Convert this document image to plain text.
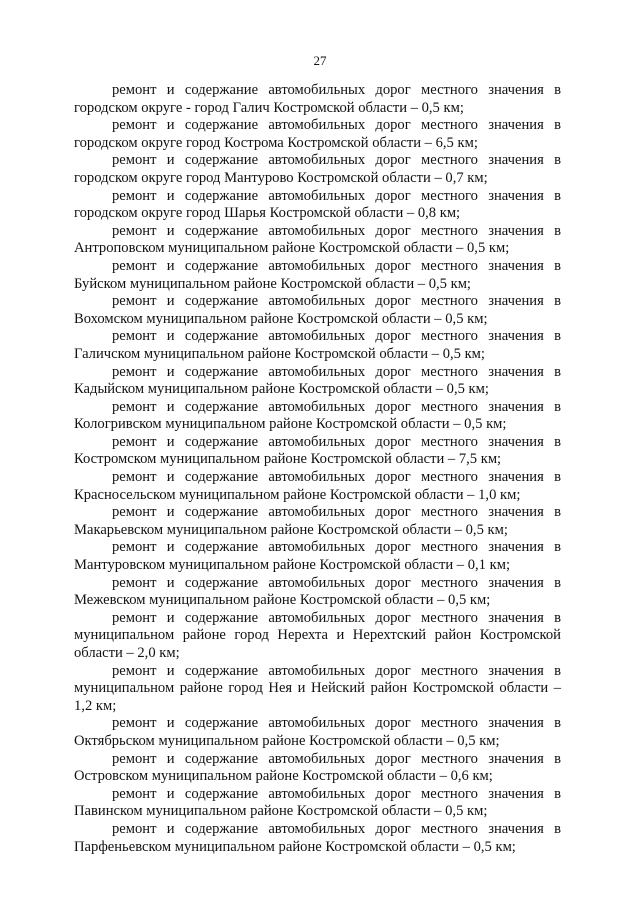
27

ремонт и содержание автомобильных дорог местного значения в городском округе - город Галич Костромской области – 0,5 км;

ремонт и содержание автомобильных дорог местного значения в городском округе город Кострома Костромской области – 6,5 км;

ремонт и содержание автомобильных дорог местного значения в городском округе город Мантурово Костромской области – 0,7 км;

ремонт и содержание автомобильных дорог местного значения в городском округе город Шарья Костромской области – 0,8 км;

ремонт и содержание автомобильных дорог местного значения в Антроповском муниципальном районе Костромской области – 0,5 км;

ремонт и содержание автомобильных дорог местного значения в Буйском муниципальном районе Костромской области – 0,5 км;

ремонт и содержание автомобильных дорог местного значения в Вохомском муниципальном районе Костромской области – 0,5 км;

ремонт и содержание автомобильных дорог местного значения в Галичском муниципальном районе Костромской области – 0,5 км;

ремонт и содержание автомобильных дорог местного значения в Кадыйском муниципальном районе Костромской области – 0,5 км;

ремонт и содержание автомобильных дорог местного значения в Кологривском муниципальном районе Костромской области – 0,5 км;

ремонт и содержание автомобильных дорог местного значения в Костромском муниципальном районе Костромской области – 7,5 км;

ремонт и содержание автомобильных дорог местного значения в Красносельском муниципальном районе Костромской области – 1,0 км;

ремонт и содержание автомобильных дорог местного значения в Макарьевском муниципальном районе Костромской области – 0,5 км;

ремонт и содержание автомобильных дорог местного значения в Мантуровском муниципальном районе Костромской области – 0,1 км;

ремонт и содержание автомобильных дорог местного значения в Межевском муниципальном районе Костромской области – 0,5 км;

ремонт и содержание автомобильных дорог местного значения в муниципальном районе город Нерехта и Нерехтский район Костромской области – 2,0 км;

ремонт и содержание автомобильных дорог местного значения в муниципальном районе город Нея и Нейский район Костромской области – 1,2 км;

ремонт и содержание автомобильных дорог местного значения в Октябрьском муниципальном районе Костромской области – 0,5 км;

ремонт и содержание автомобильных дорог местного значения в Островском муниципальном районе Костромской области – 0,6 км;

ремонт и содержание автомобильных дорог местного значения в Павинском муниципальном районе Костромской области – 0,5 км;

ремонт и содержание автомобильных дорог местного значения в Парфеньевском муниципальном районе Костромской области – 0,5 км;
